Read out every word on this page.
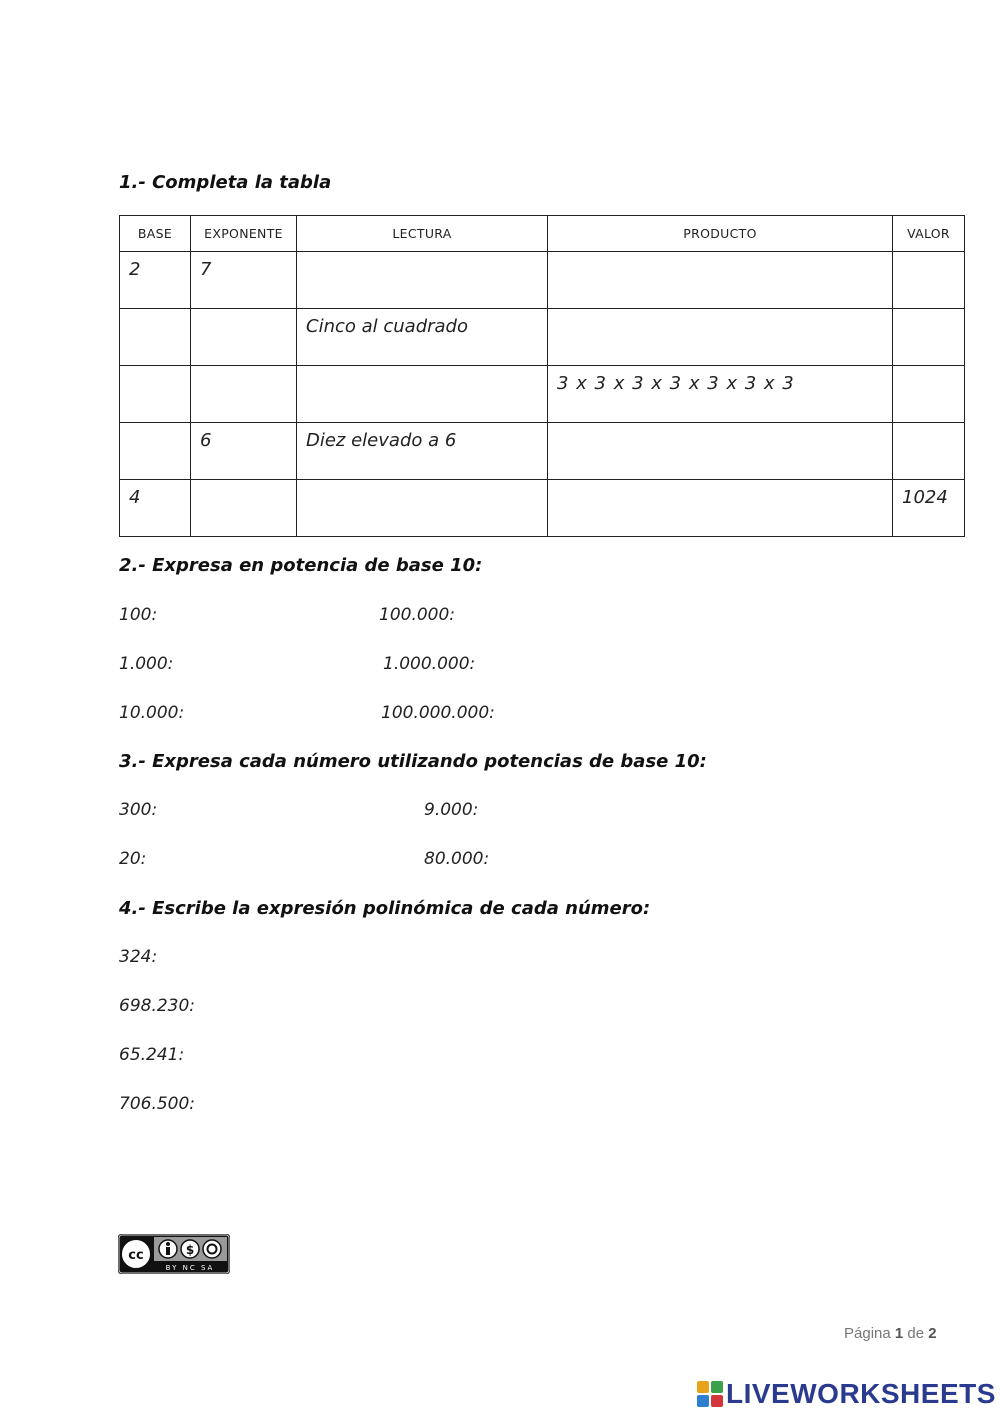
1.- Completa la tabla
BASE	EXPONENTE	LECTURA	PRODUCTO	VALOR
2	7			
		Cinco al cuadrado		
			3 x 3 x 3 x 3 x 3 x 3 x 3	
	6	Diez elevado a 6		
4				1024
2.- Expresa en potencia de base 10:
100:	100.000:
1.000:	1.000.000:
10.000:	100.000.000:
3.- Expresa cada número utilizando potencias de base 10:
300:	9.000:
20:	80.000:
4.- Escribe la expresión polinómica de cada número:
324:
698.230:
65.241:
706.500:
cc	$
BY NC SA
Página 1 de 2
LIVEWORKSHEETS
